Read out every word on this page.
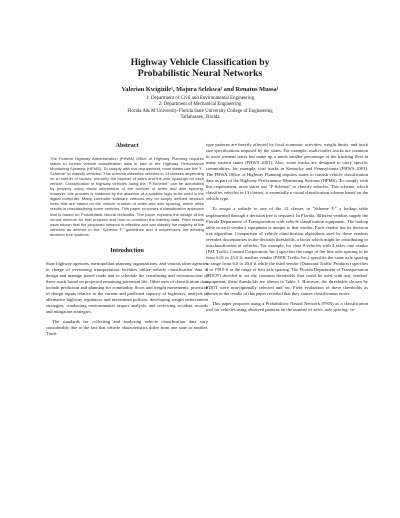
Highway Vehicle Classification by
Probabilistic Neural Networks
Valerian Kwigizile¹, Majura Selekwa² and Renatus Mussa¹
1: Department of Civil and Environmental Engineering
2: Department of Mechanical Engineering
Florida A& M University-Florida State University College of Engineering
Tallahassee, Florida
Abstract

The Federal Highway Administration (FHWA) Office of Highway Planning requires states to furnish vehicle classification data in part of the Highway Performance Monitoring Systems (HPMS). To comply with this requirement, most states use the "F-Scheme" to classify vehicles. This scheme classifies vehicles in 13 classes depending on a number of factors, primarily the number of axles and the axle spacings on each vehicle. Classification of highway vehicles using the "F-Scheme" can be automated by properly using visual information of the number of axles and axle spacing; however, this process is hindered by the absence of a suitable logic to be used in the digital computer. Many computer software vendors rely on simply defined decision trees that are based on the vehicle number of axles and axle spacing, which often results in misclassifying some vehicles. This paper proposes a classification approach that is based on Probabilistic Neural Networks. The paper explains the design of the neural network for that purpose and how to condition the training data. Field results have shown that the proposed network is effective and can classify the majority of the vehicles as defined in the "Scheme F" guidelines and it outperforms the existing decision tree systems.

Introduction

State highway agencies, metropolitan planning organizations, and various other agencies in charge of overseeing transportation facilities utilize vehicle classification data to design and manage paved roads and to schedule the resurfacing and reconstruction of these roads based on projected remaining pavement life. Other uses of classification data include prediction and planning for commodity flows and freight movements, provision of design inputs relative to the current and predicted capacity of highways, analysis of alternative highway regulatory and investment policies, developing weight enforcement strategies; conducting environmental impact analysis, and reviewing accident records and mitigation strategies.

The standards for collecting and analyzing vehicle classification data vary considerably due to the fact that vehicle characteristics differ from one state to another. Truck

type patterns are heavily affected by local economic activities, weight limits, and truck size specifications imposed by the states. For example, multi-trailer trucks are common in most western states but make up a much smaller percentage of the trucking fleet in many eastern states (FHWA 2001). Also, some trucks are designed to carry specific commodities; for example, coal trucks in Kentucky and Pennsylvania (FHWA 2001). The FHWA Office of Highway Planning requires states to furnish vehicle classification data as part of the Highway Performance Monitoring Systems (HPMS). To comply with this requirement, most states use "F-Scheme" to classify vehicles. This scheme, which classifies vehicles in 13 classes, is essentially a visual classification scheme based on the vehicle type.

To assign a vehicle to one of the 13 classes in "Scheme F," a lookup table implemented through a decision tree is required. In Florida, different vendors supply the Florida Department of Transportation with vehicle classification equipment. The lookup table in each vendor's equipment is unique to that vendor. Each vendor has its decision tree algorithm. Comparison of vehicle classification algorithms used by these vendors revealed discrepancies in the decision thresholds, a factor which might be contributing to misclassification of vehicles. For example, for class 8 vehicles with 4 axles, one vendor (PAT Traffic Control Corporation, Inc.) specifies the range of the first axle spacing to be from 6.01 to 23.0 ft, another vendor (PEEK Traffic Inc.) specifies the same axle spacing to range from 6.0 to 20.0 ft while the third vendor (Diamond Traffic Products) specifies 0 to 199.9 ft as the range of first axle spacing. The Florida Department of Transportation (FDOT) decided to set the common thresholds that could be used with any vendors' equipment; these thresholds are shown in Table 1. However, the thresholds chosen by FDOT were non-optimally selected and set. Field evaluation of these thresholds as shown in the results of this paper revealed that they causes classification errors.

This paper proposes using a Probabilistic Neural Network (PNN) as a classification tool for vehicles using observed patterns on the number of axles, axle spacing, ve-
